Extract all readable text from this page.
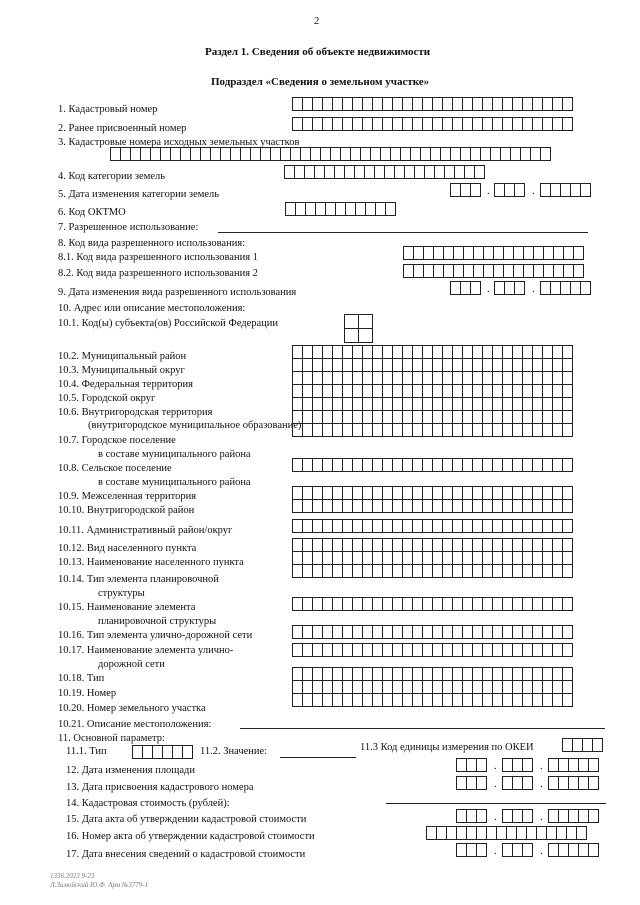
2
Раздел 1. Сведения об объекте недвижимости
Подраздел «Сведения о земельном участке»
1. Кадастровый номер
2. Ранее присвоенный номер
3. Кадастровые номера исходных земельных участков
4. Код категории земель
5. Дата изменения категории земель
6. Код ОКТМО
7. Разрешенное использование:
8. Код вида разрешенного использования:
8.1. Код вида разрешенного использования 1
8.2. Код вида разрешенного использования 2
9. Дата изменения вида разрешенного использования
10. Адрес или описание местоположения:
10.1. Код(ы) субъекта(ов) Российской Федерации
10.2. Муниципальный район
10.3. Муниципальный округ
10.4. Федеральная территория
10.5. Городской округ
10.6. Внутригородская территория
(внутригородское муниципальное образование)
10.7. Городское поселение
в составе муниципального района
10.8. Сельское поселение
в составе муниципального района
10.9. Межселенная территория
10.10. Внутригородской район
10.11. Административный район/округ
10.12. Вид населенного пункта
10.13. Наименование населенного пункта
10.14. Тип элемента планировочной
структуры
10.15. Наименование элемента
планировочной структуры
10.16. Тип элемента улично-дорожной сети
10.17. Наименование элемента улично-
дорожной сети
10.18. Тип
10.19. Номер
10.20. Номер земельного участка
10.21. Описание местоположения:
11. Основной параметр:
11.1. Тип	11.2. Значение:	11.3 Код единицы измерения по ОКЕИ
12. Дата изменения площади
13. Дата присвоения кадастрового номера
14. Кадастровая стоимость (рублей):
15. Дата акта об утверждении кадастровой стоимости
16. Номер акта об утверждении кадастровой стоимости
17. Дата внесения сведений о кадастровой стоимости
.	.
.	.
.	.
.	.
.	.
.	.
1336.2023 9-23
Л.Замойский Ю.Ф. Арм №3779-1
